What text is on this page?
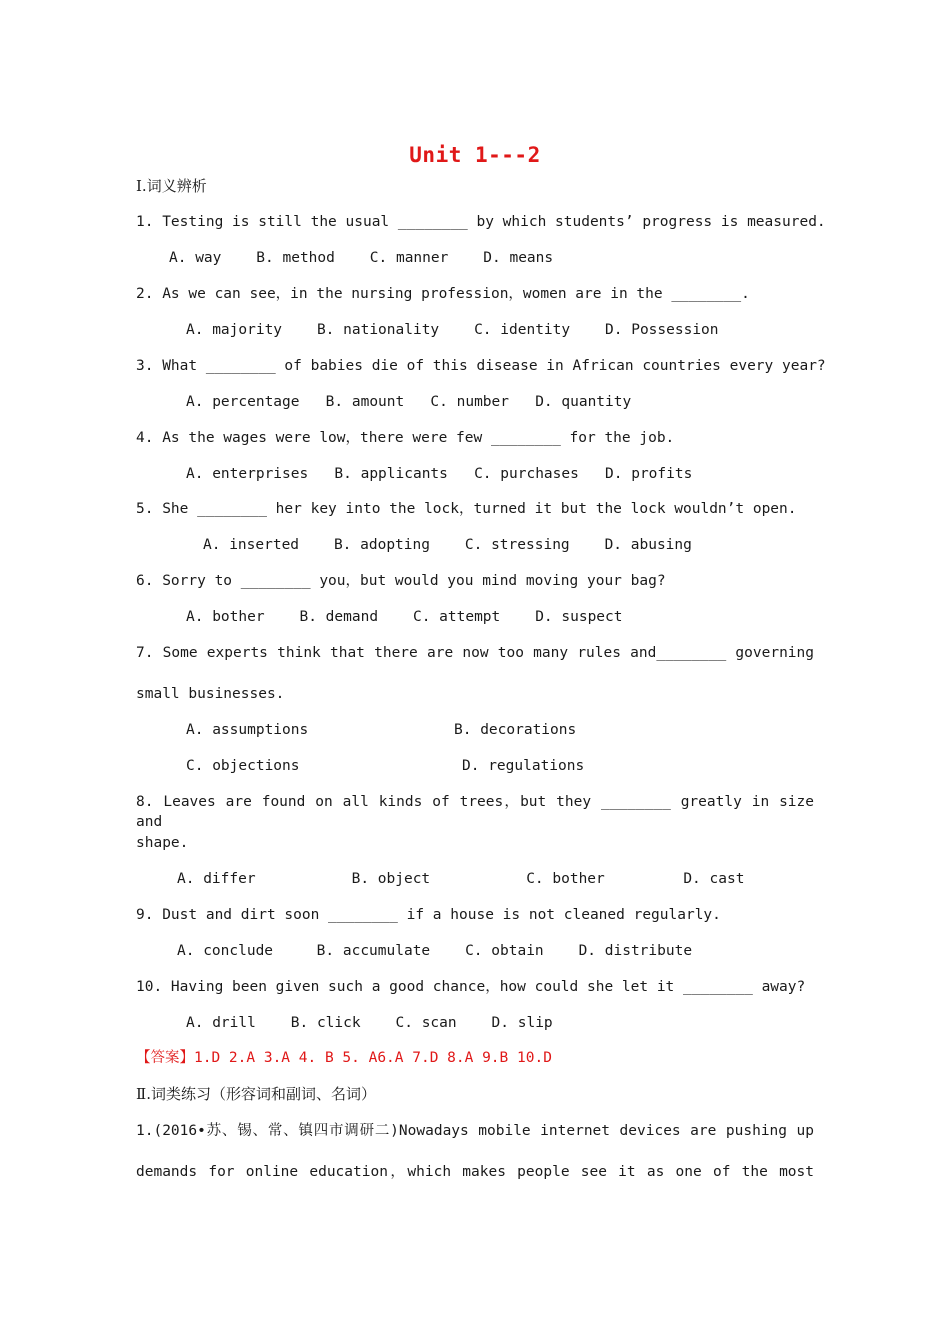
Unit 1---2
Ⅰ.词义辨析
1. Testing is still the usual ________ by which students’ progress is measured.
A. way    B. method    C. manner    D. means
2. As we can see，in the nursing profession，women are in the ________.
A. majority    B. nationality    C. identity    D. Possession
3. What ________ of babies die of this disease in African countries every year?
A. percentage   B. amount   C. number   D. quantity
4. As the wages were low，there were few ________ for the job.
A. enterprises   B. applicants   C. purchases   D. profits
5. She ________ her key into the lock，turned it but the lock wouldn’t open.
A. inserted    B. adopting    C. stressing    D. abusing
6. Sorry to ________ you，but would you mind moving your bag?
A. bother    B. demand    C. attempt    D. suspect
7. Some experts think that there are now too many rules and________ governing
small businesses.
A. assumptions	B. decorations
C. objections	D. regulations
8. Leaves are found on all kinds of trees，but they ________ greatly in size and
shape.
A. differ           B. object           C. bother         D. cast
9. Dust and dirt soon ________ if a house is not cleaned regularly.
A. conclude     B. accumulate    C. obtain    D. distribute
10. Having been given such a good chance，how could she let it ________ away?
A. drill    B. click    C. scan    D. slip
【答案】1.D 2.A 3.A 4. B 5. A6.A 7.D 8.A 9.B 10.D
Ⅱ.词类练习（形容词和副词、名词）
1.(2016•苏、锡、常、镇四市调研二)Nowadays mobile internet devices are pushing up
demands for online education，which makes people see it as one of the most
